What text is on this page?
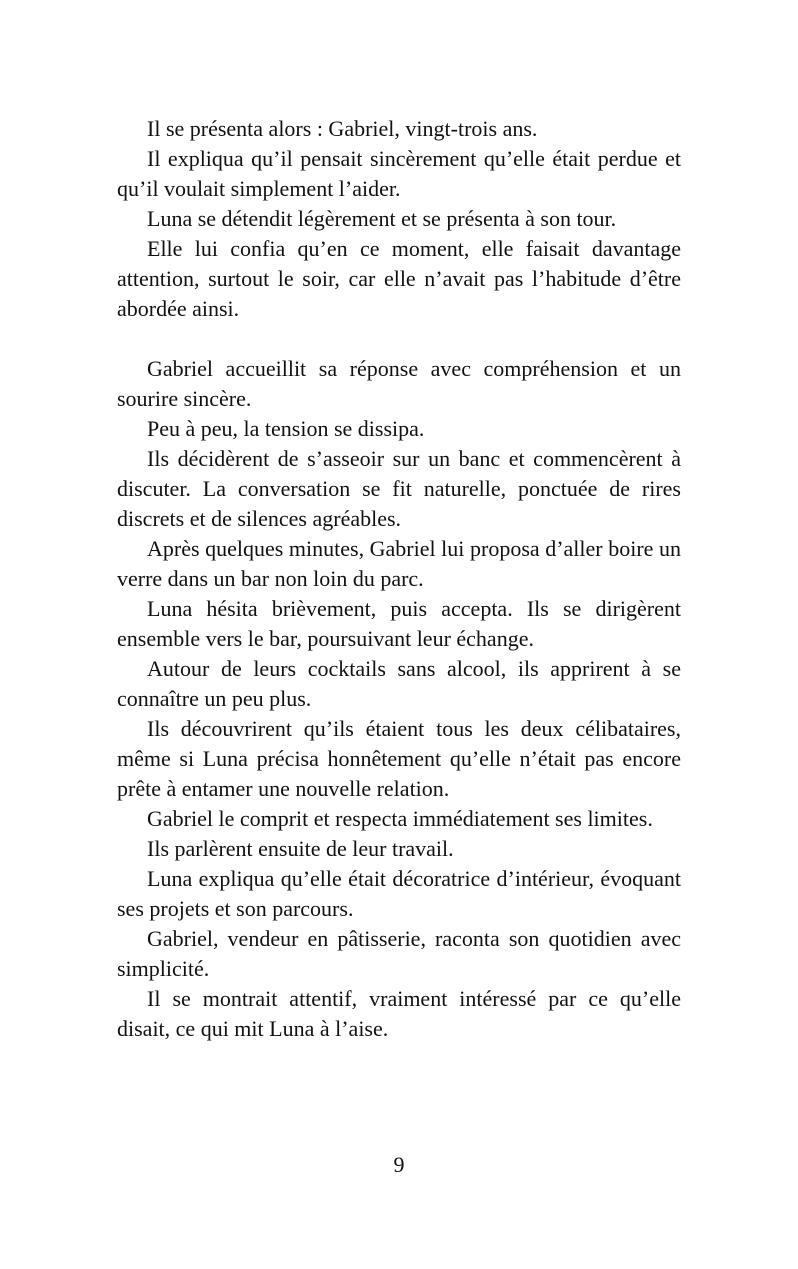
Il se présenta alors : Gabriel, vingt-trois ans.

Il expliqua qu’il pensait sincèrement qu’elle était perdue et qu’il voulait simplement l’aider.

Luna se détendit légèrement et se présenta à son tour.

Elle lui confia qu’en ce moment, elle faisait davantage attention, surtout le soir, car elle n’avait pas l’habitude d’être abordée ainsi.

Gabriel accueillit sa réponse avec compréhension et un sourire sincère.

Peu à peu, la tension se dissipa.

Ils décidèrent de s’asseoir sur un banc et commencèrent à discuter. La conversation se fit naturelle, ponctuée de rires discrets et de silences agréables.

Après quelques minutes, Gabriel lui proposa d’aller boire un verre dans un bar non loin du parc.

Luna hésita brièvement, puis accepta. Ils se dirigèrent ensemble vers le bar, poursuivant leur échange.

Autour de leurs cocktails sans alcool, ils apprirent à se connaître un peu plus.

Ils découvrirent qu’ils étaient tous les deux célibataires, même si Luna précisa honnêtement qu’elle n’était pas encore prête à entamer une nouvelle relation.

Gabriel le comprit et respecta immédiatement ses limites.

Ils parlèrent ensuite de leur travail.

Luna expliqua qu’elle était décoratrice d’intérieur, évoquant ses projets et son parcours.

Gabriel, vendeur en pâtisserie, raconta son quotidien avec simplicité.

Il se montrait attentif, vraiment intéressé par ce qu’elle disait, ce qui mit Luna à l’aise.

9
